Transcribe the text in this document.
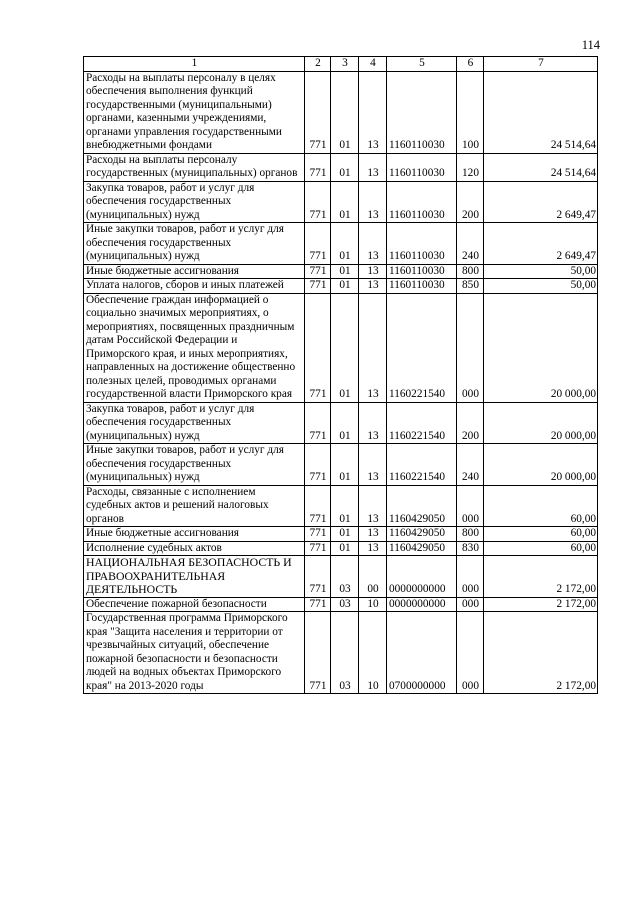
114
1	2	3	4	5	6	7
Расходы на выплаты персоналу в целях обеспечения выполнения функций государственными (муниципальными) органами, казенными учреждениями, органами управления государственными внебюджетными фондами	771	01	13	1160110030	100	24 514,64
Расходы на выплаты персоналу государственных (муниципальных) органов	771	01	13	1160110030	120	24 514,64
Закупка товаров, работ и услуг для обеспечения государственных (муниципальных) нужд	771	01	13	1160110030	200	2 649,47
Иные закупки товаров, работ и услуг для обеспечения государственных (муниципальных) нужд	771	01	13	1160110030	240	2 649,47
Иные бюджетные ассигнования	771	01	13	1160110030	800	50,00
Уплата налогов, сборов и иных платежей	771	01	13	1160110030	850	50,00
Обеспечение граждан информацией о социально значимых мероприятиях, о мероприятиях, посвященных праздничным датам Российской Федерации и Приморского края, и иных мероприятиях, направленных на достижение общественно полезных целей, проводимых органами государственной власти Приморского края	771	01	13	1160221540	000	20 000,00
Закупка товаров, работ и услуг для обеспечения государственных (муниципальных) нужд	771	01	13	1160221540	200	20 000,00
Иные закупки товаров, работ и услуг для обеспечения государственных (муниципальных) нужд	771	01	13	1160221540	240	20 000,00
Расходы, связанные с исполнением судебных актов и решений налоговых органов	771	01	13	1160429050	000	60,00
Иные бюджетные ассигнования	771	01	13	1160429050	800	60,00
Исполнение судебных актов	771	01	13	1160429050	830	60,00
НАЦИОНАЛЬНАЯ БЕЗОПАСНОСТЬ И ПРАВООХРАНИТЕЛЬНАЯ ДЕЯТЕЛЬНОСТЬ	771	03	00	0000000000	000	2 172,00
Обеспечение пожарной безопасности	771	03	10	0000000000	000	2 172,00
Государственная программа Приморского края "Защита населения и территории от чрезвычайных ситуаций, обеспечение пожарной безопасности и безопасности людей на водных объектах Приморского края" на 2013-2020 годы	771	03	10	0700000000	000	2 172,00
